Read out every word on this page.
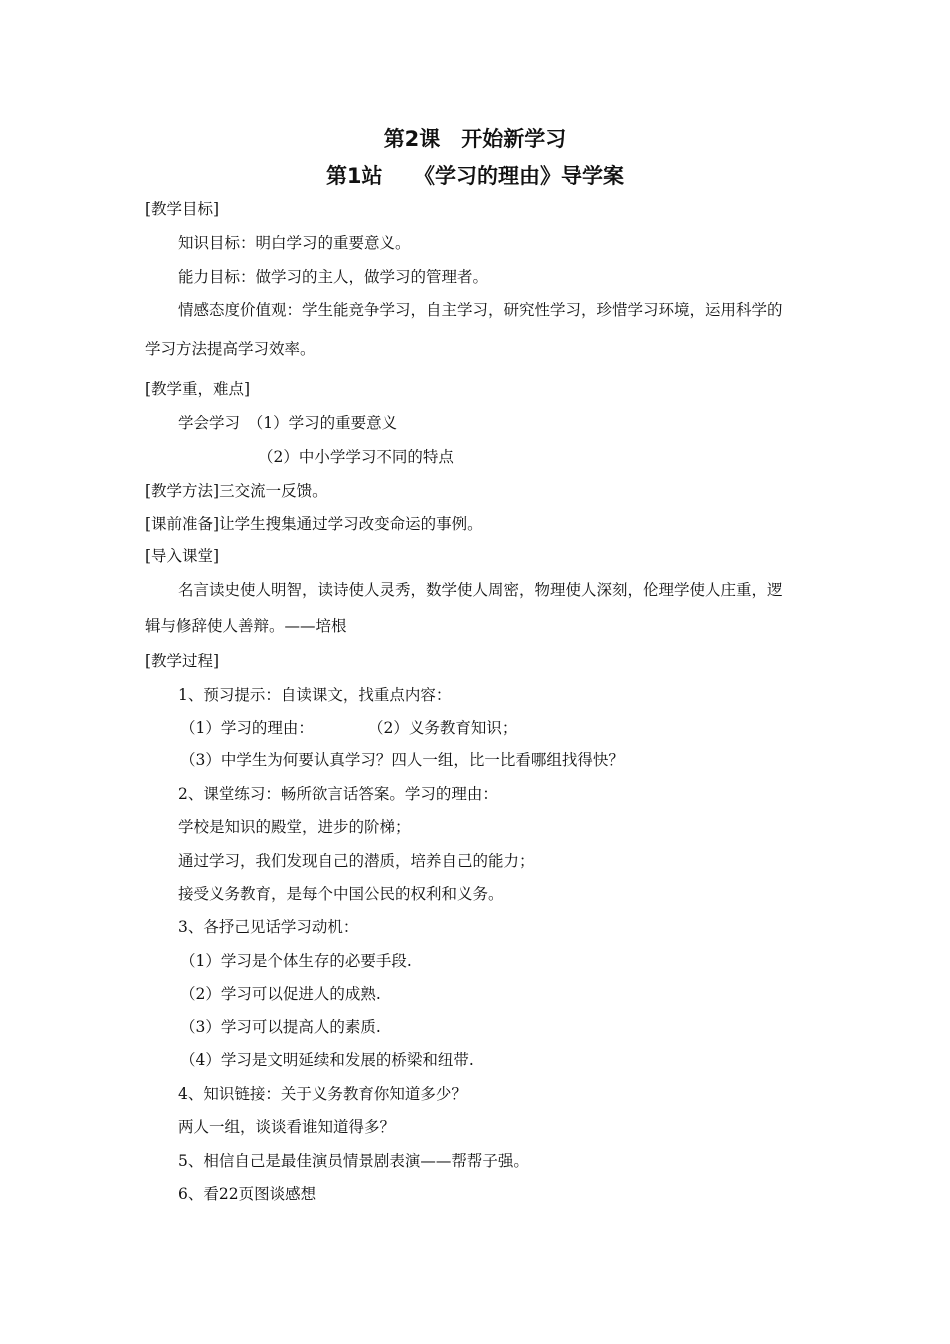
第2课　开始新学习
第1站　　《学习的理由》导学案
[教学目标]
知识目标：明白学习的重要意义。
能力目标：做学习的主人，做学习的管理者。
情感态度价值观：学生能竞争学习，自主学习，研究性学习，珍惜学习环境，运用科学的
学习方法提高学习效率。
[教学重，难点]
学会学习　（1）学习的重要意义
（2）中小学学习不同的特点
[教学方法]三交流一反馈。
[课前准备]让学生搜集通过学习改变命运的事例。
[导入课堂]
名言读史使人明智，读诗使人灵秀，数学使人周密，物理使人深刻，伦理学使人庄重，逻
辑与修辞使人善辩。——培根
[教学过程]
1、预习提示：自读课文，找重点内容：
（1）学习的理由：	（2）义务教育知识；
（3）中学生为何要认真学习？四人一组，比一比看哪组找得快？
2、课堂练习：畅所欲言话答案。学习的理由：
学校是知识的殿堂，进步的阶梯；
通过学习，我们发现自己的潜质，培养自己的能力；
接受义务教育，是每个中国公民的权利和义务。
3、各抒己见话学习动机：
（1）学习是个体生存的必要手段.
（2）学习可以促进人的成熟.
（3）学习可以提高人的素质.
（4）学习是文明延续和发展的桥梁和纽带.
4、知识链接：关于义务教育你知道多少？
两人一组，谈谈看谁知道得多？
5、相信自己是最佳演员情景剧表演——帮帮子强。
6、看22页图谈感想
